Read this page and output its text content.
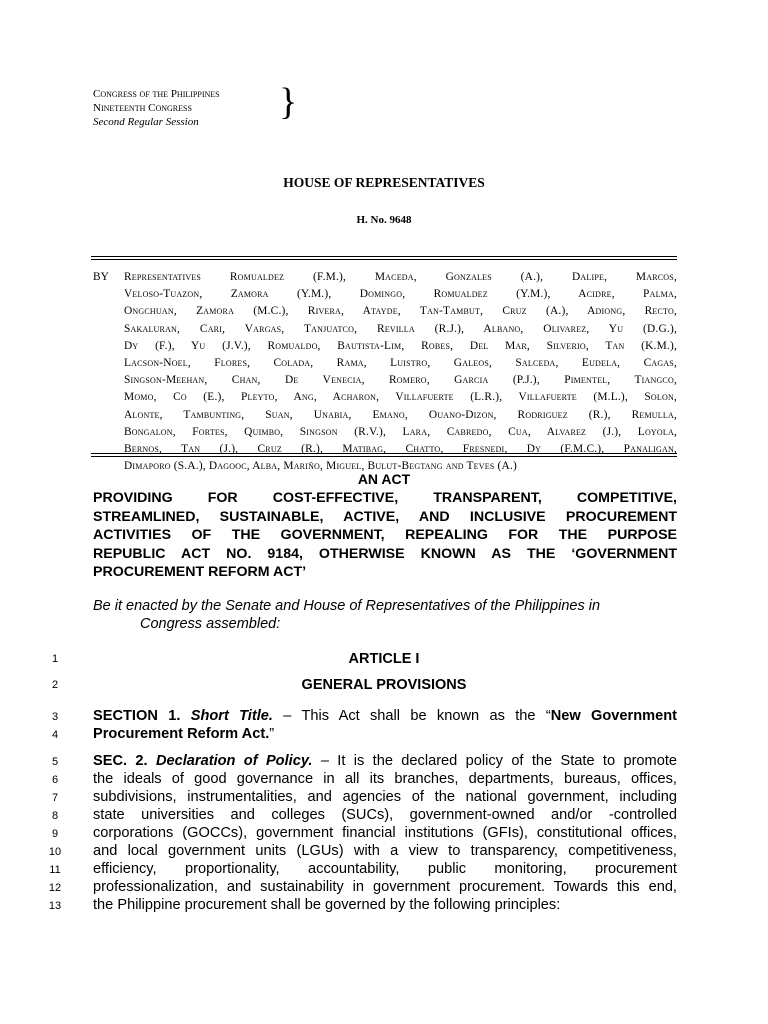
Congress of the Philippines
Nineteenth Congress
Second Regular Session	}
HOUSE OF REPRESENTATIVES
H. No. 9648
BY Representatives Romualdez (F.M.), Maceda, Gonzales (A.), Dalipe, Marcos,
Veloso-Tuazon, Zamora (Y.M.), Domingo, Romualdez (Y.M.), Acidre, Palma,
Ongchuan, Zamora (M.C.), Rivera, Atayde, Tan-Tambut, Cruz (A.), Adiong, Recto,
Sakaluran, Cari, Vargas, Tanjuatco, Revilla (R.J.), Albano, Olivarez, Yu (D.G.),
Dy (F.), Yu (J.V.), Romualdo, Bautista-Lim, Robes, Del Mar, Silverio, Tan (K.M.),
Lacson-Noel, Flores, Colada, Rama, Luistro, Galeos, Salceda, Eudela, Cagas,
Singson-Meehan, Chan, De Venecia, Romero, Garcia (P.J.), Pimentel, Tiangco,
Momo, Co (E.), Pleyto, Ang, Acharon, Villafuerte (L.R.), Villafuerte (M.L.), Solon,
Alonte, Tambunting, Suan, Unabia, Emano, Ouano-Dizon, Rodriguez (R.), Remulla,
Bongalon, Fortes, Quimbo, Singson (R.V.), Lara, Cabredo, Cua, Alvarez (J.), Loyola,
Bernos, Tan (J.), Cruz (R.), Matibag, Chatto, Fresnedi, Dy (F.M.C.), Panaligan,
Dimaporo (S.A.), Dagooc, Alba, Mariño, Miguel, Bulut-Begtang and Teves (A.)
AN ACT
PROVIDING FOR COST-EFFECTIVE, TRANSPARENT, COMPETITIVE,
STREAMLINED, SUSTAINABLE, ACTIVE, AND INCLUSIVE PROCUREMENT
ACTIVITIES OF THE GOVERNMENT, REPEALING FOR THE PURPOSE
REPUBLIC ACT NO. 9184, OTHERWISE KNOWN AS THE ‘GOVERNMENT
PROCUREMENT REFORM ACT’
Be it enacted by the Senate and House of Representatives of the Philippines in
Congress assembled:
1
2
3
4
5
6
7
8
9
10
11
12
13
ARTICLE I
GENERAL PROVISIONS
SECTION 1. Short Title. – This Act shall be known as the “New Government
Procurement Reform Act.”
SEC. 2. Declaration of Policy. – It is the declared policy of the State to promote
the ideals of good governance in all its branches, departments, bureaus, offices,
subdivisions, instrumentalities, and agencies of the national government, including
state universities and colleges (SUCs), government-owned and/or -controlled
corporations (GOCCs), government financial institutions (GFIs), constitutional offices,
and local government units (LGUs) with a view to transparency, competitiveness,
efficiency, proportionality, accountability, public monitoring, procurement
professionalization, and sustainability in government procurement. Towards this end,
the Philippine procurement shall be governed by the following principles:
